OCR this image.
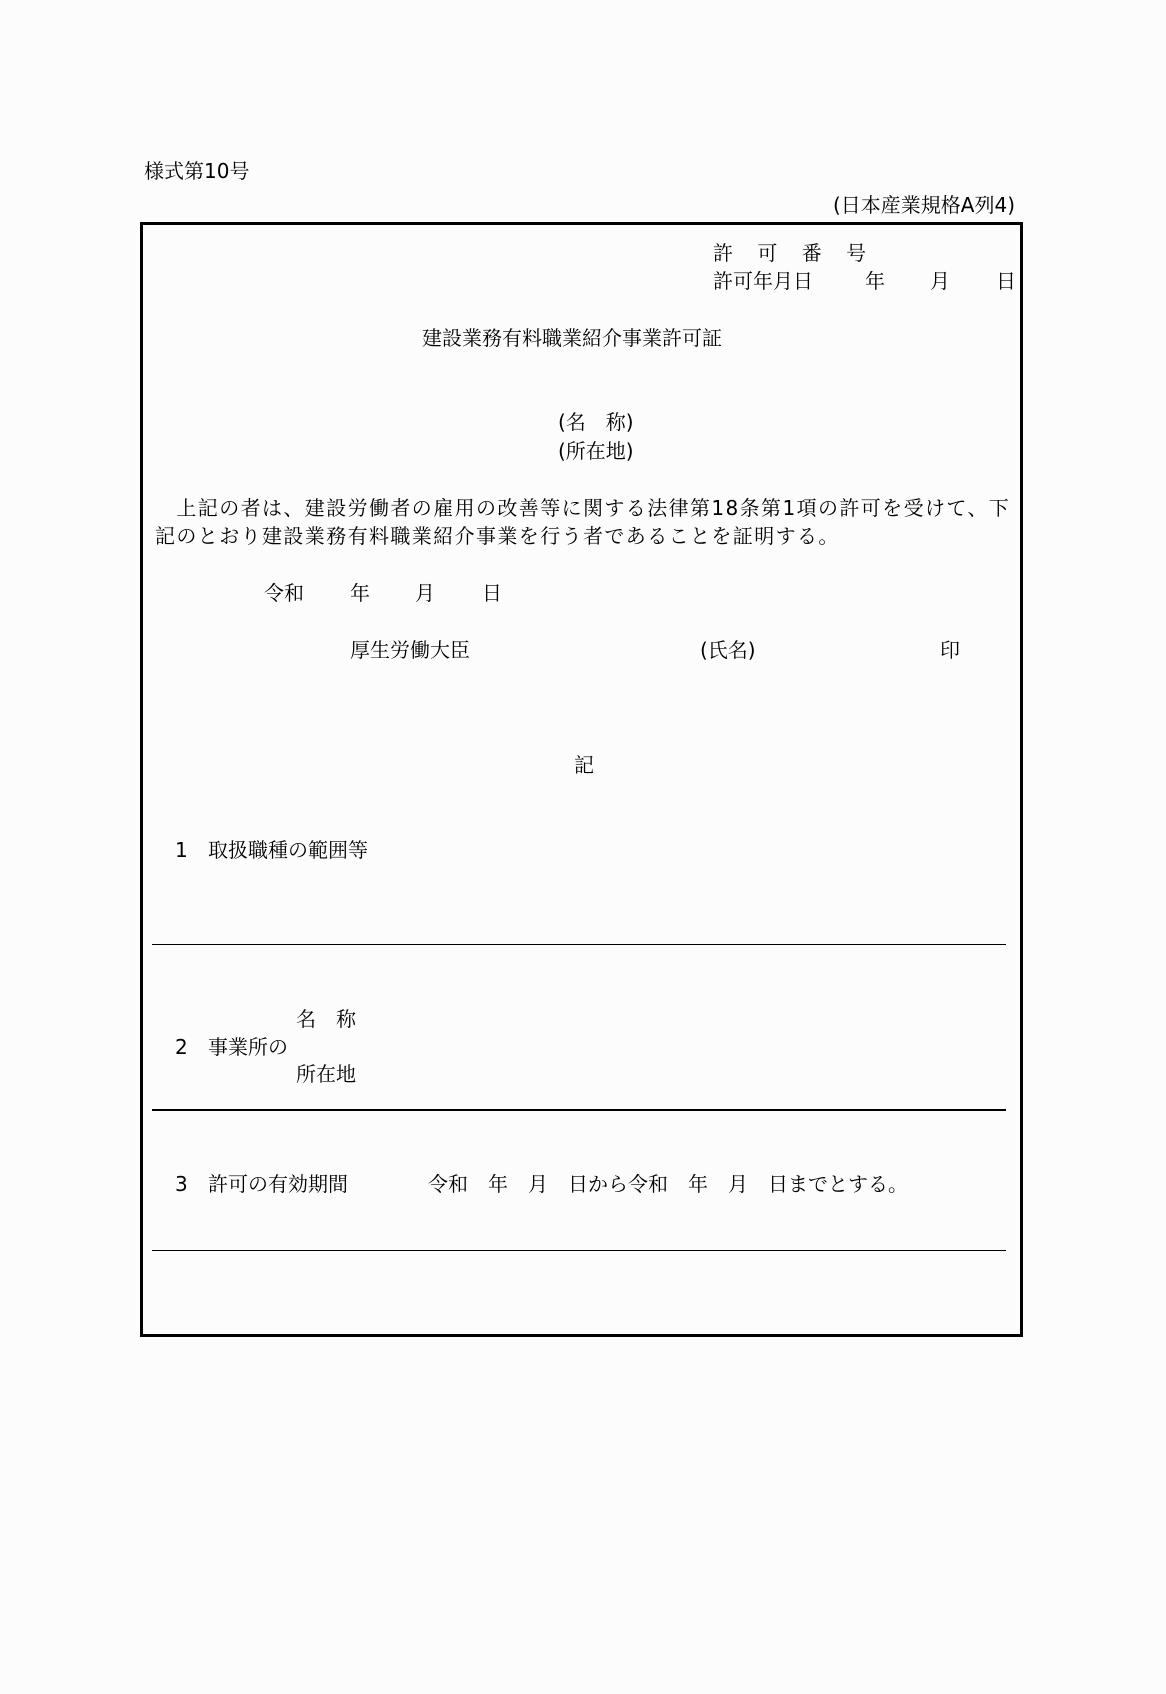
様式第10号
(日本産業規格A列4)
許 可 番 号
許可年月日	年 月 日
建設業務有料職業紹介事業許可証
(名　称)
(所在地)
　上記の者は、建設労働者の雇用の改善等に関する法律第18条第1項の許可を受けて、下
記のとおり建設業務有料職業紹介事業を行う者であることを証明する。
令和 年 月 日
厚生労働大臣	(氏名)	印
記
1 取扱職種の範囲等
名　称
2 事業所の
所在地
3 許可の有効期間	令和　年　月　日から令和　年　月　日までとする。
